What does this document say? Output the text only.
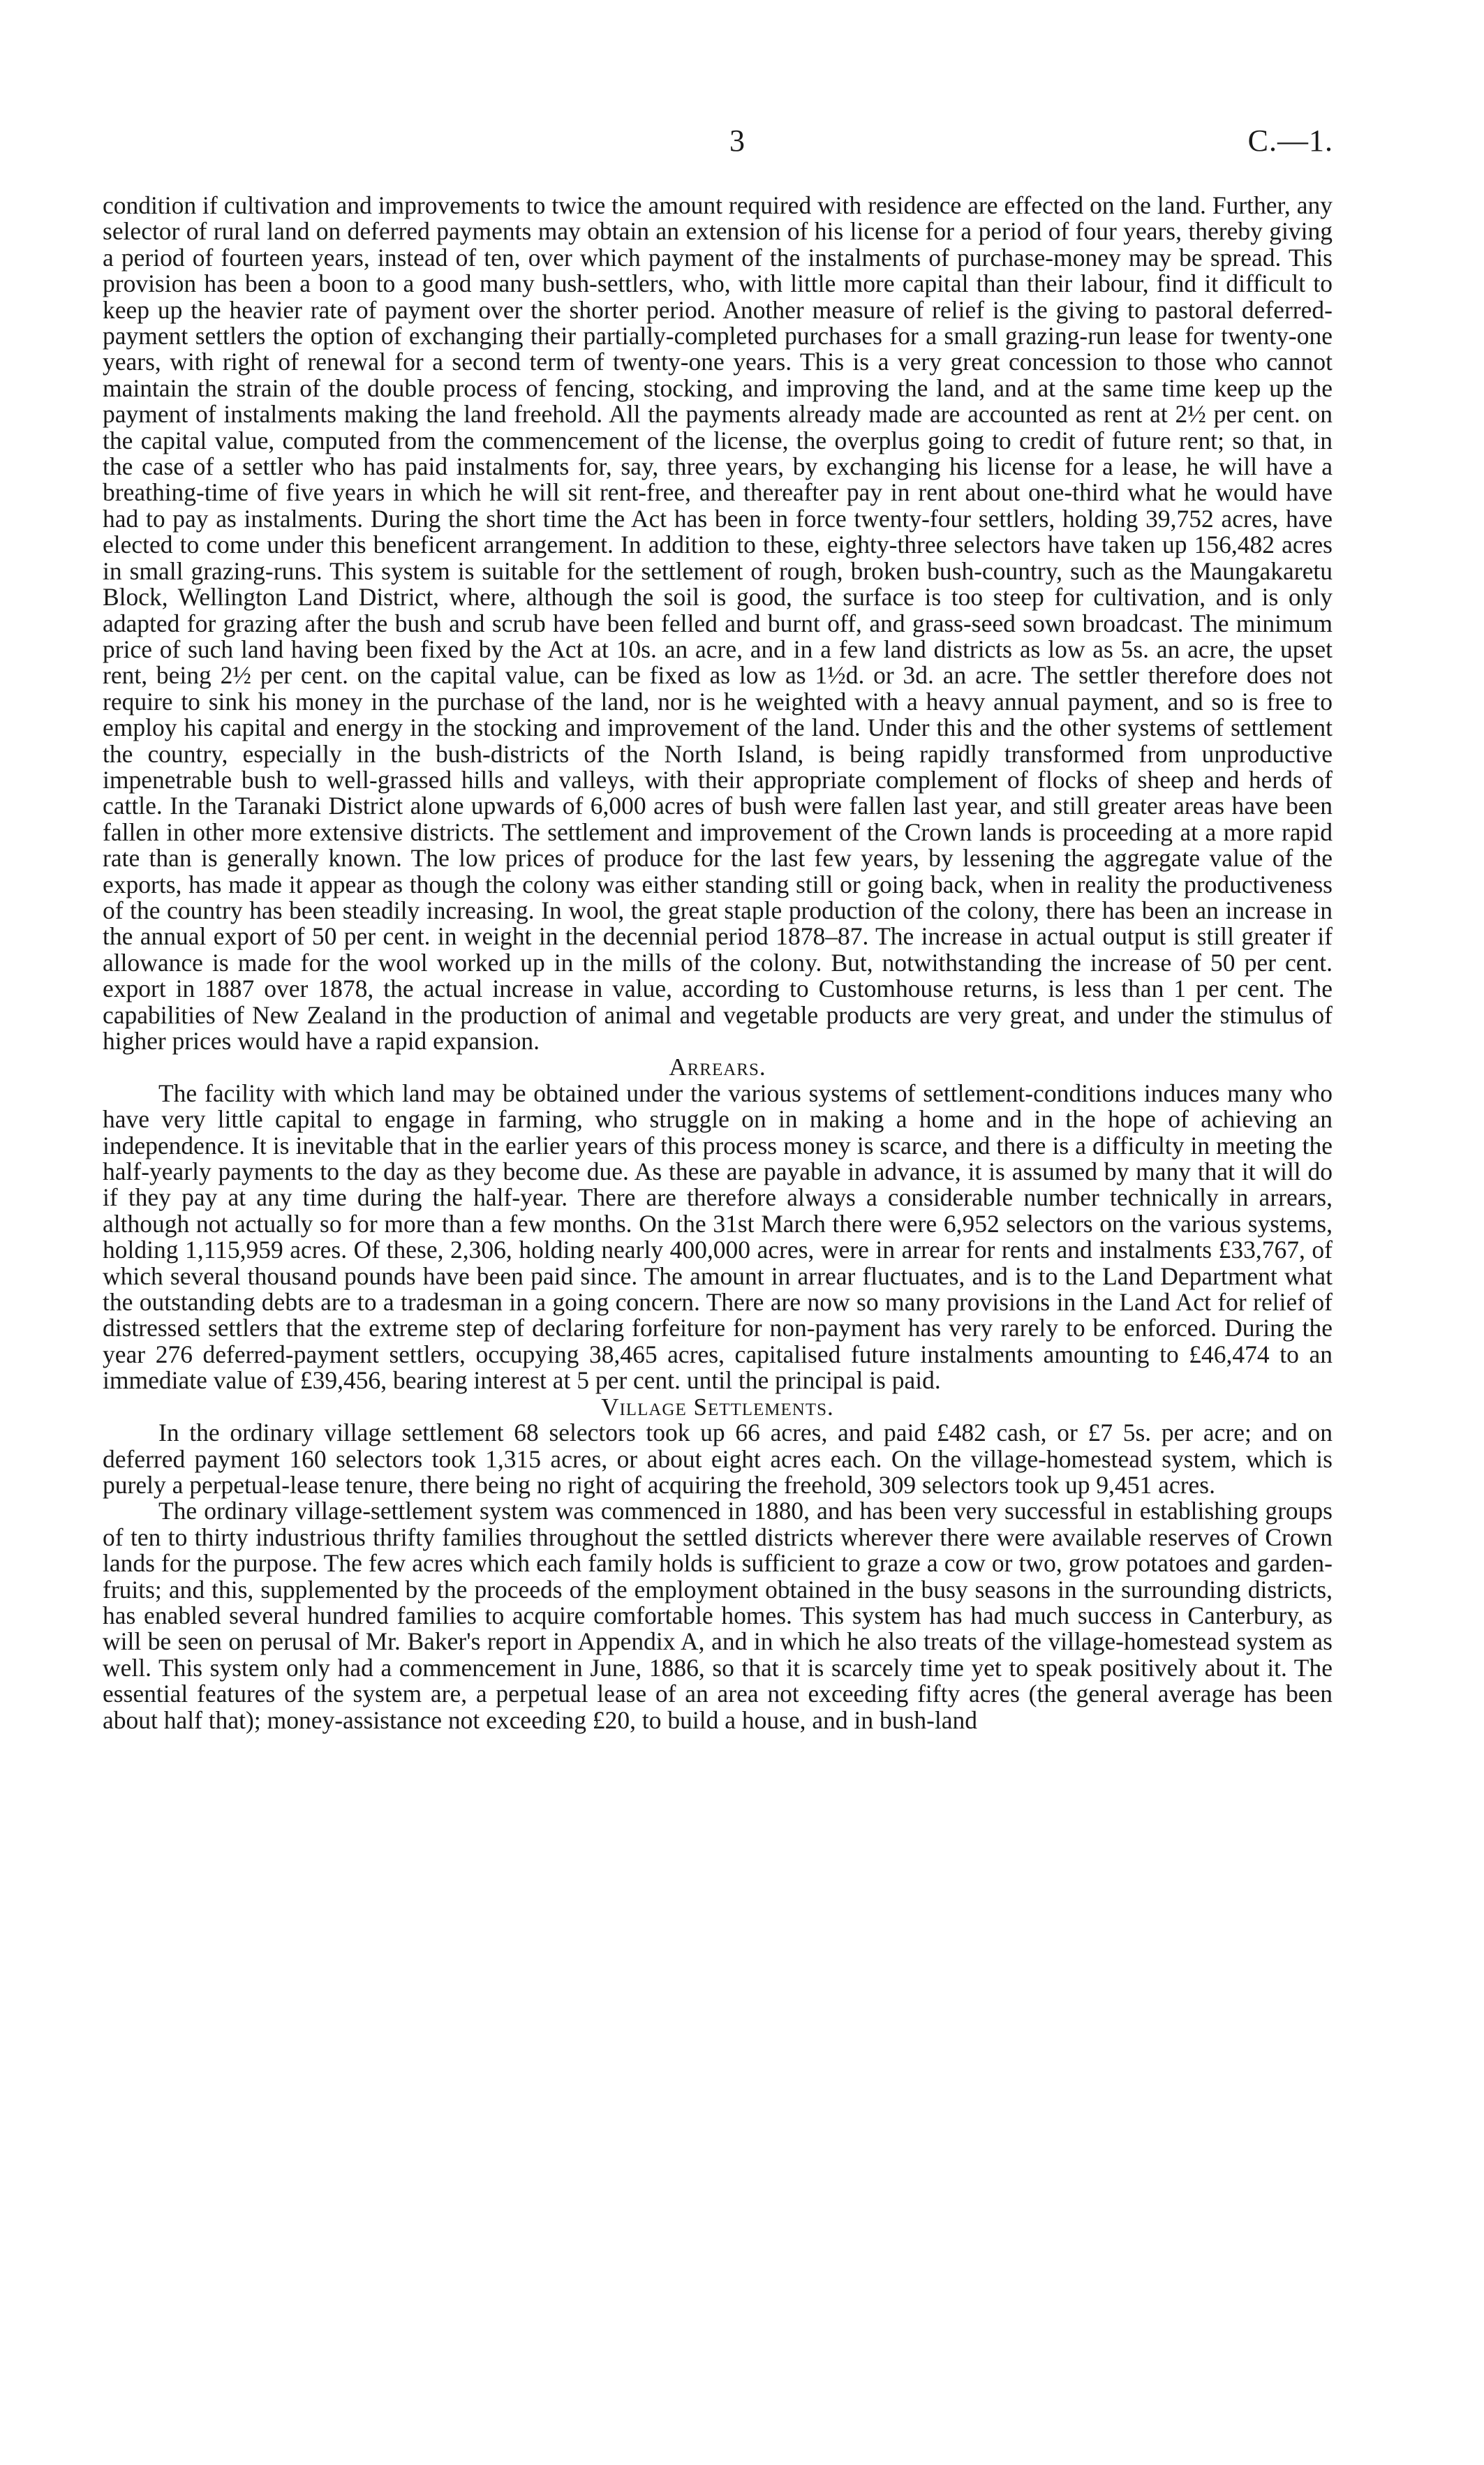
3	C.—1.

condition if cultivation and improvements to twice the amount required with residence are effected on the land. Further, any selector of rural land on deferred payments may obtain an extension of his license for a period of four years, thereby giving a period of fourteen years, instead of ten, over which payment of the instalments of purchase-money may be spread. This provision has been a boon to a good many bush-settlers, who, with little more capital than their labour, find it difficult to keep up the heavier rate of payment over the shorter period. Another measure of relief is the giving to pastoral deferred-payment settlers the option of exchanging their partially-completed purchases for a small grazing-run lease for twenty-one years, with right of renewal for a second term of twenty-one years. This is a very great concession to those who cannot maintain the strain of the double process of fencing, stocking, and improving the land, and at the same time keep up the payment of instalments making the land freehold. All the payments already made are accounted as rent at 2½ per cent. on the capital value, computed from the commencement of the license, the overplus going to credit of future rent; so that, in the case of a settler who has paid instalments for, say, three years, by exchanging his license for a lease, he will have a breathing-time of five years in which he will sit rent-free, and thereafter pay in rent about one-third what he would have had to pay as instalments. During the short time the Act has been in force twenty-four settlers, holding 39,752 acres, have elected to come under this beneficent arrangement. In addition to these, eighty-three selectors have taken up 156,482 acres in small grazing-runs. This system is suitable for the settlement of rough, broken bush-country, such as the Maungakaretu Block, Wellington Land District, where, although the soil is good, the surface is too steep for cultivation, and is only adapted for grazing after the bush and scrub have been felled and burnt off, and grass-seed sown broadcast. The minimum price of such land having been fixed by the Act at 10s. an acre, and in a few land districts as low as 5s. an acre, the upset rent, being 2½ per cent. on the capital value, can be fixed as low as 1½d. or 3d. an acre. The settler therefore does not require to sink his money in the purchase of the land, nor is he weighted with a heavy annual payment, and so is free to employ his capital and energy in the stocking and improvement of the land. Under this and the other systems of settlement the country, especially in the bush-districts of the North Island, is being rapidly transformed from unproductive impenetrable bush to well-grassed hills and valleys, with their appropriate complement of flocks of sheep and herds of cattle. In the Taranaki District alone upwards of 6,000 acres of bush were fallen last year, and still greater areas have been fallen in other more extensive districts. The settlement and improvement of the Crown lands is proceeding at a more rapid rate than is generally known. The low prices of produce for the last few years, by lessening the aggregate value of the exports, has made it appear as though the colony was either standing still or going back, when in reality the productiveness of the country has been steadily increasing. In wool, the great staple production of the colony, there has been an increase in the annual export of 50 per cent. in weight in the decennial period 1878–87. The increase in actual output is still greater if allowance is made for the wool worked up in the mills of the colony. But, notwithstanding the increase of 50 per cent. export in 1887 over 1878, the actual increase in value, according to Customhouse returns, is less than 1 per cent. The capabilities of New Zealand in the production of animal and vegetable products are very great, and under the stimulus of higher prices would have a rapid expansion.

Arrears.

The facility with which land may be obtained under the various systems of settlement-conditions induces many who have very little capital to engage in farming, who struggle on in making a home and in the hope of achieving an independence. It is inevitable that in the earlier years of this process money is scarce, and there is a difficulty in meeting the half-yearly payments to the day as they become due. As these are payable in advance, it is assumed by many that it will do if they pay at any time during the half-year. There are therefore always a considerable number technically in arrears, although not actually so for more than a few months. On the 31st March there were 6,952 selectors on the various systems, holding 1,115,959 acres. Of these, 2,306, holding nearly 400,000 acres, were in arrear for rents and instalments £33,767, of which several thousand pounds have been paid since. The amount in arrear fluctuates, and is to the Land Department what the outstanding debts are to a tradesman in a going concern. There are now so many provisions in the Land Act for relief of distressed settlers that the extreme step of declaring forfeiture for non-payment has very rarely to be enforced. During the year 276 deferred-payment settlers, occupying 38,465 acres, capitalised future instalments amounting to £46,474 to an immediate value of £39,456, bearing interest at 5 per cent. until the principal is paid.

Village Settlements.

In the ordinary village settlement 68 selectors took up 66 acres, and paid £482 cash, or £7 5s. per acre; and on deferred payment 160 selectors took 1,315 acres, or about eight acres each. On the village-homestead system, which is purely a perpetual-lease tenure, there being no right of acquiring the freehold, 309 selectors took up 9,451 acres.

The ordinary village-settlement system was commenced in 1880, and has been very successful in establishing groups of ten to thirty industrious thrifty families throughout the settled districts wherever there were available reserves of Crown lands for the purpose. The few acres which each family holds is sufficient to graze a cow or two, grow potatoes and garden-fruits; and this, supplemented by the proceeds of the employment obtained in the busy seasons in the surrounding districts, has enabled several hundred families to acquire comfortable homes. This system has had much success in Canterbury, as will be seen on perusal of Mr. Baker's report in Appendix A, and in which he also treats of the village-homestead system as well. This system only had a commencement in June, 1886, so that it is scarcely time yet to speak positively about it. The essential features of the system are, a perpetual lease of an area not exceeding fifty acres (the general average has been about half that); money-assistance not exceeding £20, to build a house, and in bush-land
